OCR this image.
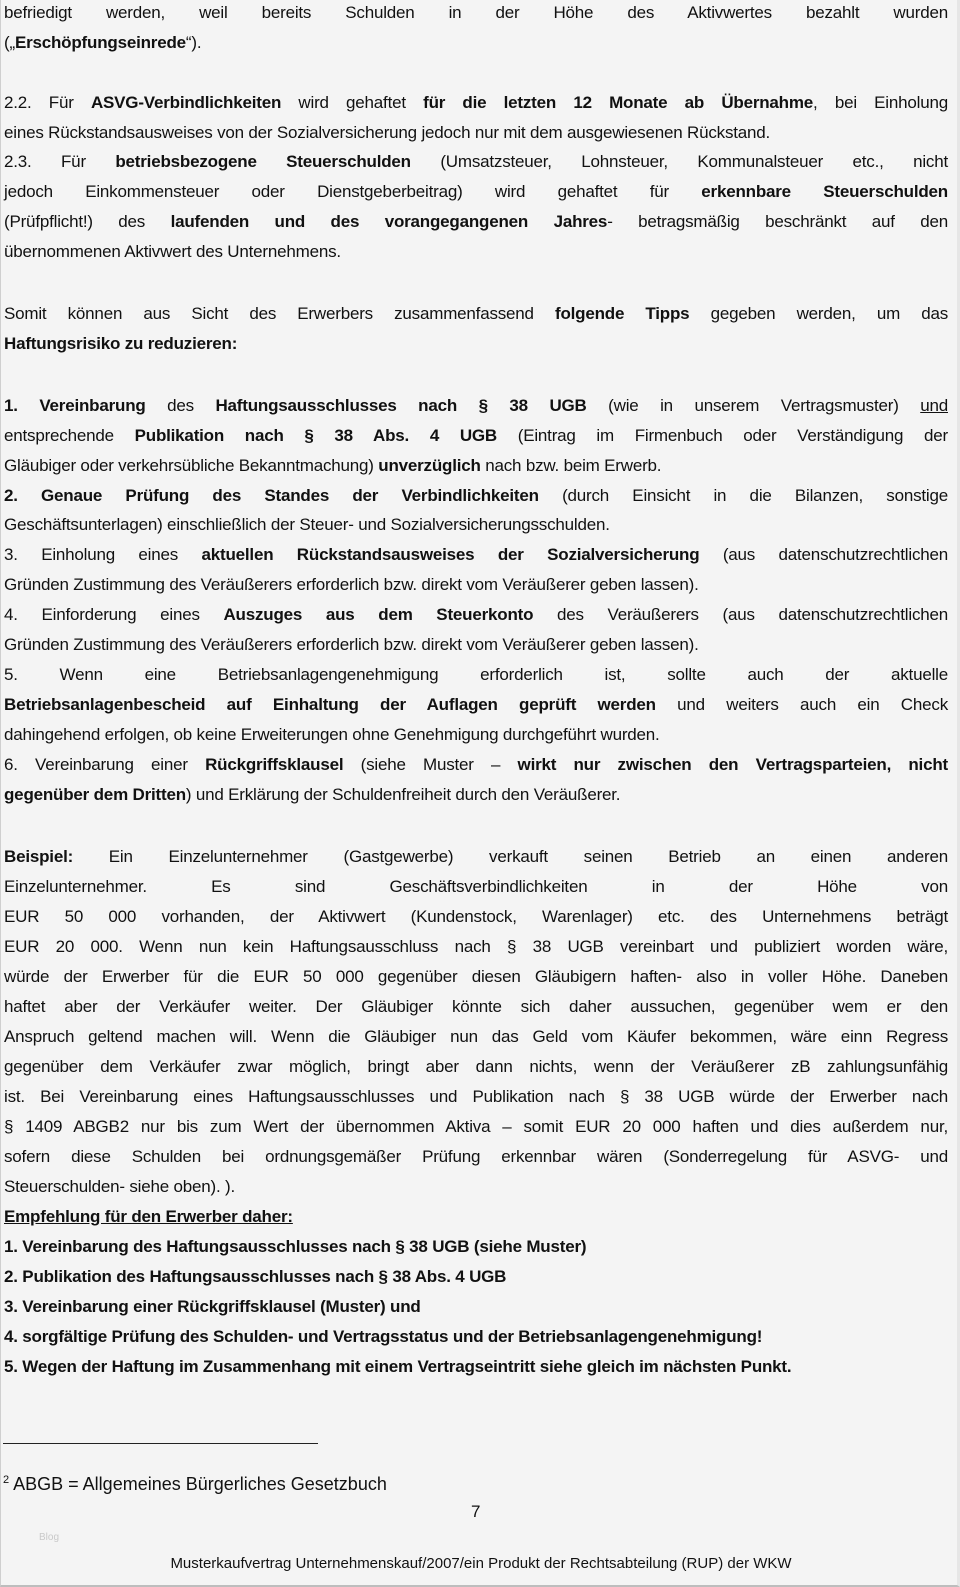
befriedigt werden, weil bereits Schulden in der Höhe des Aktivwertes bezahlt wurden
(„Erschöpfungseinrede“).
2.2. Für ASVG-Verbindlichkeiten wird gehaftet für die letzten 12 Monate ab Übernahme, bei Einholung
eines Rückstandsausweises von der Sozialversicherung jedoch nur mit dem ausgewiesenen Rückstand.
2.3. Für betriebsbezogene Steuerschulden (Umsatzsteuer, Lohnsteuer, Kommunalsteuer etc., nicht
jedoch Einkommensteuer oder Dienstgeberbeitrag) wird gehaftet für erkennbare Steuerschulden
(Prüfpflicht!) des laufenden und des vorangegangenen Jahres- betragsmäßig beschränkt auf den
übernommenen Aktivwert des Unternehmens.
Somit können aus Sicht des Erwerbers zusammenfassend folgende Tipps gegeben werden, um das
Haftungsrisiko zu reduzieren:
1. Vereinbarung des Haftungsausschlusses nach § 38 UGB (wie in unserem Vertragsmuster) und
entsprechende Publikation nach § 38 Abs. 4 UGB (Eintrag im Firmenbuch oder Verständigung der
Gläubiger oder verkehrsübliche Bekanntmachung) unverzüglich nach bzw. beim Erwerb.
2. Genaue Prüfung des Standes der Verbindlichkeiten (durch Einsicht in die Bilanzen, sonstige
Geschäftsunterlagen) einschließlich der Steuer- und Sozialversicherungsschulden.
3. Einholung eines aktuellen Rückstandsausweises der Sozialversicherung (aus datenschutzrechtlichen
Gründen Zustimmung des Veräußerers erforderlich bzw. direkt vom Veräußerer geben lassen).
4. Einforderung eines Auszuges aus dem Steuerkonto des Veräußerers (aus datenschutzrechtlichen
Gründen Zustimmung des Veräußerers erforderlich bzw. direkt vom Veräußerer geben lassen).
5. Wenn eine Betriebsanlagengenehmigung erforderlich ist, sollte auch der aktuelle
Betriebsanlagenbescheid auf Einhaltung der Auflagen geprüft werden und weiters auch ein Check
dahingehend erfolgen, ob keine Erweiterungen ohne Genehmigung durchgeführt wurden.
6. Vereinbarung einer Rückgriffsklausel (siehe Muster – wirkt nur zwischen den Vertragsparteien, nicht
gegenüber dem Dritten) und Erklärung der Schuldenfreiheit durch den Veräußerer.
Beispiel: Ein Einzelunternehmer (Gastgewerbe) verkauft seinen Betrieb an einen anderen
Einzelunternehmer. Es sind Geschäftsverbindlichkeiten in der Höhe von
EUR 50 000 vorhanden, der Aktivwert (Kundenstock, Warenlager) etc. des Unternehmens beträgt
EUR 20 000. Wenn nun kein Haftungsausschluss nach § 38 UGB vereinbart und publiziert worden wäre,
würde der Erwerber für die EUR 50 000 gegenüber diesen Gläubigern haften- also in voller Höhe. Daneben
haftet aber der Verkäufer weiter. Der Gläubiger könnte sich daher aussuchen, gegenüber wem er den
Anspruch geltend machen will. Wenn die Gläubiger nun das Geld vom Käufer bekommen, wäre einn Regress
gegenüber dem Verkäufer zwar möglich, bringt aber dann nichts, wenn der Veräußerer zB zahlungsunfähig
ist. Bei Vereinbarung eines Haftungsausschlusses und Publikation nach § 38 UGB würde der Erwerber nach
§ 1409 ABGB2 nur bis zum Wert der übernommen Aktiva – somit EUR 20 000 haften und dies außerdem nur,
sofern diese Schulden bei ordnungsgemäßer Prüfung erkennbar wären (Sonderregelung für ASVG- und
Steuerschulden- siehe oben). ).
Empfehlung für den Erwerber daher:
1. Vereinbarung des Haftungsausschlusses nach § 38 UGB (siehe Muster)
2. Publikation des Haftungsausschlusses nach § 38 Abs. 4 UGB
3. Vereinbarung einer Rückgriffsklausel (Muster) und
4. sorgfältige Prüfung des Schulden- und Vertragsstatus und der Betriebsanlagengenehmigung!
5. Wegen der Haftung im Zusammenhang mit einem Vertragseintritt siehe gleich im nächsten Punkt.
$^2$ ABGB = Allgemeines Bürgerliches Gesetzbuch
7
Blog
Musterkaufvertrag Unternehmenskauf/2007/ein Produkt der Rechtsabteilung (RUP) der WKW
